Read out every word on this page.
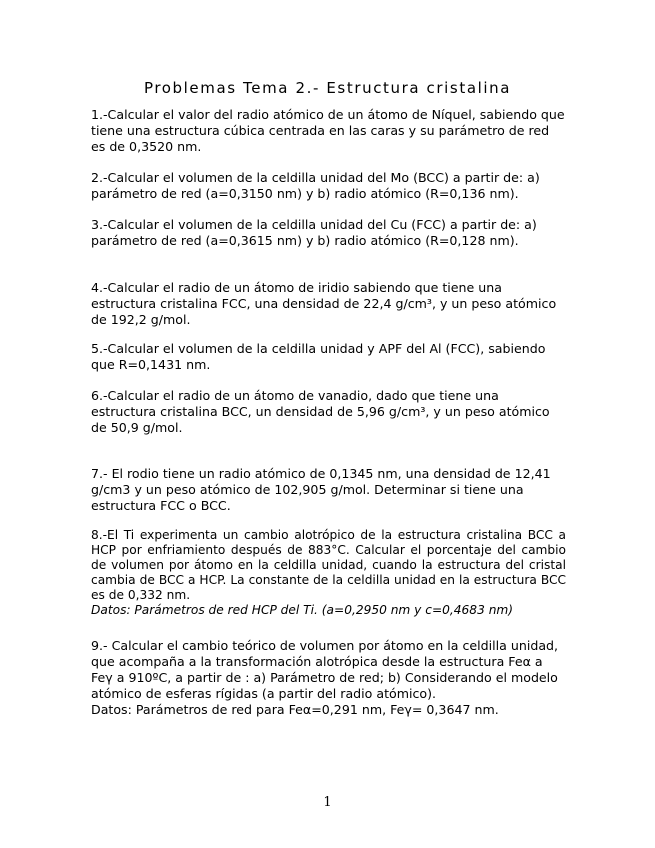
Problemas Tema 2.- Estructura cristalina
1.-Calcular el valor del radio atómico de un átomo de Níquel, sabiendo que tiene una estructura cúbica centrada en las caras y su parámetro de red es de 0,3520 nm.
2.-Calcular el volumen de la celdilla unidad del Mo (BCC) a partir de: a) parámetro de red (a=0,3150 nm) y b) radio atómico (R=0,136 nm).
3.-Calcular el volumen de la celdilla unidad del Cu (FCC) a partir de: a) parámetro de red (a=0,3615 nm) y b) radio atómico (R=0,128 nm).
4.-Calcular el radio de un átomo de iridio sabiendo que tiene una estructura cristalina FCC, una densidad de 22,4 g/cm³, y un peso atómico de 192,2 g/mol.
5.-Calcular el volumen de la celdilla unidad y APF del Al (FCC), sabiendo que R=0,1431 nm.
6.-Calcular el radio de un átomo de vanadio, dado que tiene una estructura cristalina BCC, un densidad de 5,96 g/cm³, y un peso atómico de 50,9 g/mol.
7.- El rodio tiene un radio atómico de 0,1345 nm, una densidad de 12,41 g/cm3 y un peso atómico de 102,905 g/mol. Determinar si tiene una estructura FCC o BCC.
8.-El Ti experimenta un cambio alotrópico de la estructura cristalina BCC a HCP por enfriamiento después de 883°C. Calcular el porcentaje del cambio de volumen por átomo en la celdilla unidad, cuando la estructura del cristal cambia de BCC a HCP. La constante de la celdilla unidad en la estructura BCC es de 0,332 nm.
Datos: Parámetros de red HCP del Ti. (a=0,2950 nm y c=0,4683 nm)
9.- Calcular el cambio teórico de volumen por átomo en la celdilla unidad, que acompaña a la transformación alotrópica desde la estructura Feα a Feγ a 910ºC, a partir de : a) Parámetro de red; b) Considerando el modelo atómico de esferas rígidas (a partir del radio atómico).
Datos: Parámetros de red para Feα=0,291 nm, Feγ= 0,3647 nm.
1
